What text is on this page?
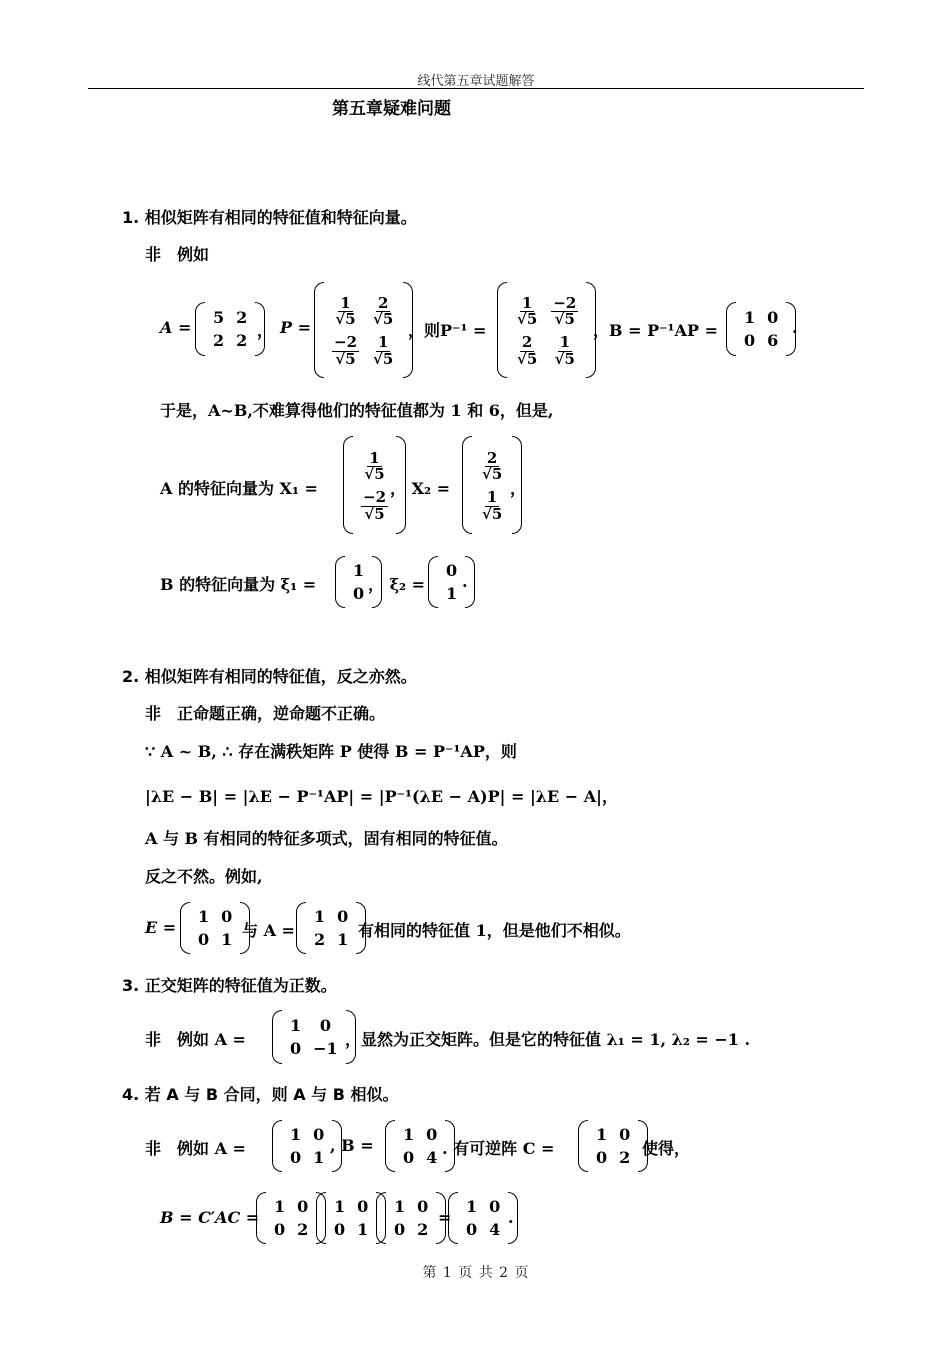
线代第五章试题解答
第五章疑难问题
1. 相似矩阵有相同的特征值和特征向量。
非　例如
A =
5	2
2	2
， $P = \frac{1}{√5}$	$\frac{2}{√5}$

$\frac{-2}{√5}$	$\frac{1}{√5}$
，则P⁻¹ =
$\frac{1}{√5}$	$\frac{-2}{√5}$

$\frac{2}{√5}$	$\frac{1}{√5}$
，B = P⁻¹AP =
1	0
0	6
.
于是，A~B,不难算得他们的特征值都为 1 和 6，但是,
A 的特征向量为 X₁ =
$\frac{1}{√5}$

$\frac{-2}{√5}$
， X₂ =
$\frac{2}{√5}$

$\frac{1}{√5}$
，
B 的特征向量为 ξ₁ =
1
0 ， ξ₂ =
0
1
.
2. 相似矩阵有相同的特征值，反之亦然。
非　正命题正确，逆命题不正确。
∵ A ~ B, ∴ 存在满秩矩阵 P 使得 B = P⁻¹AP，则
|λE − B| = |λE − P⁻¹AP| = |P⁻¹(λE − A)P| = |λE − A|，
A 与 B 有相同的特征多项式，固有相同的特征值。
反之不然。例如,
E =
1	0
0	1 与 A =
1	0
2	1 有相同的特征值 1，但是他们不相似。
3. 正交矩阵的特征值为正数。
非　例如 A =
1	0
0	−1 ，显然为正交矩阵。但是它的特征值 λ₁ = 1, λ₂ = −1 .
4. 若 A 与 B 合同，则 A 与 B 相似。
非　例如 A =
1	0
0	1
, B =
1	0
0	4 . 有可逆阵 C =
1	0
0	2 使得，
B = C′AC =
1	0
0	2
1	0
0	1
1	0
0	2
=
1	0
0	4
.
第 1 页 共 2 页
